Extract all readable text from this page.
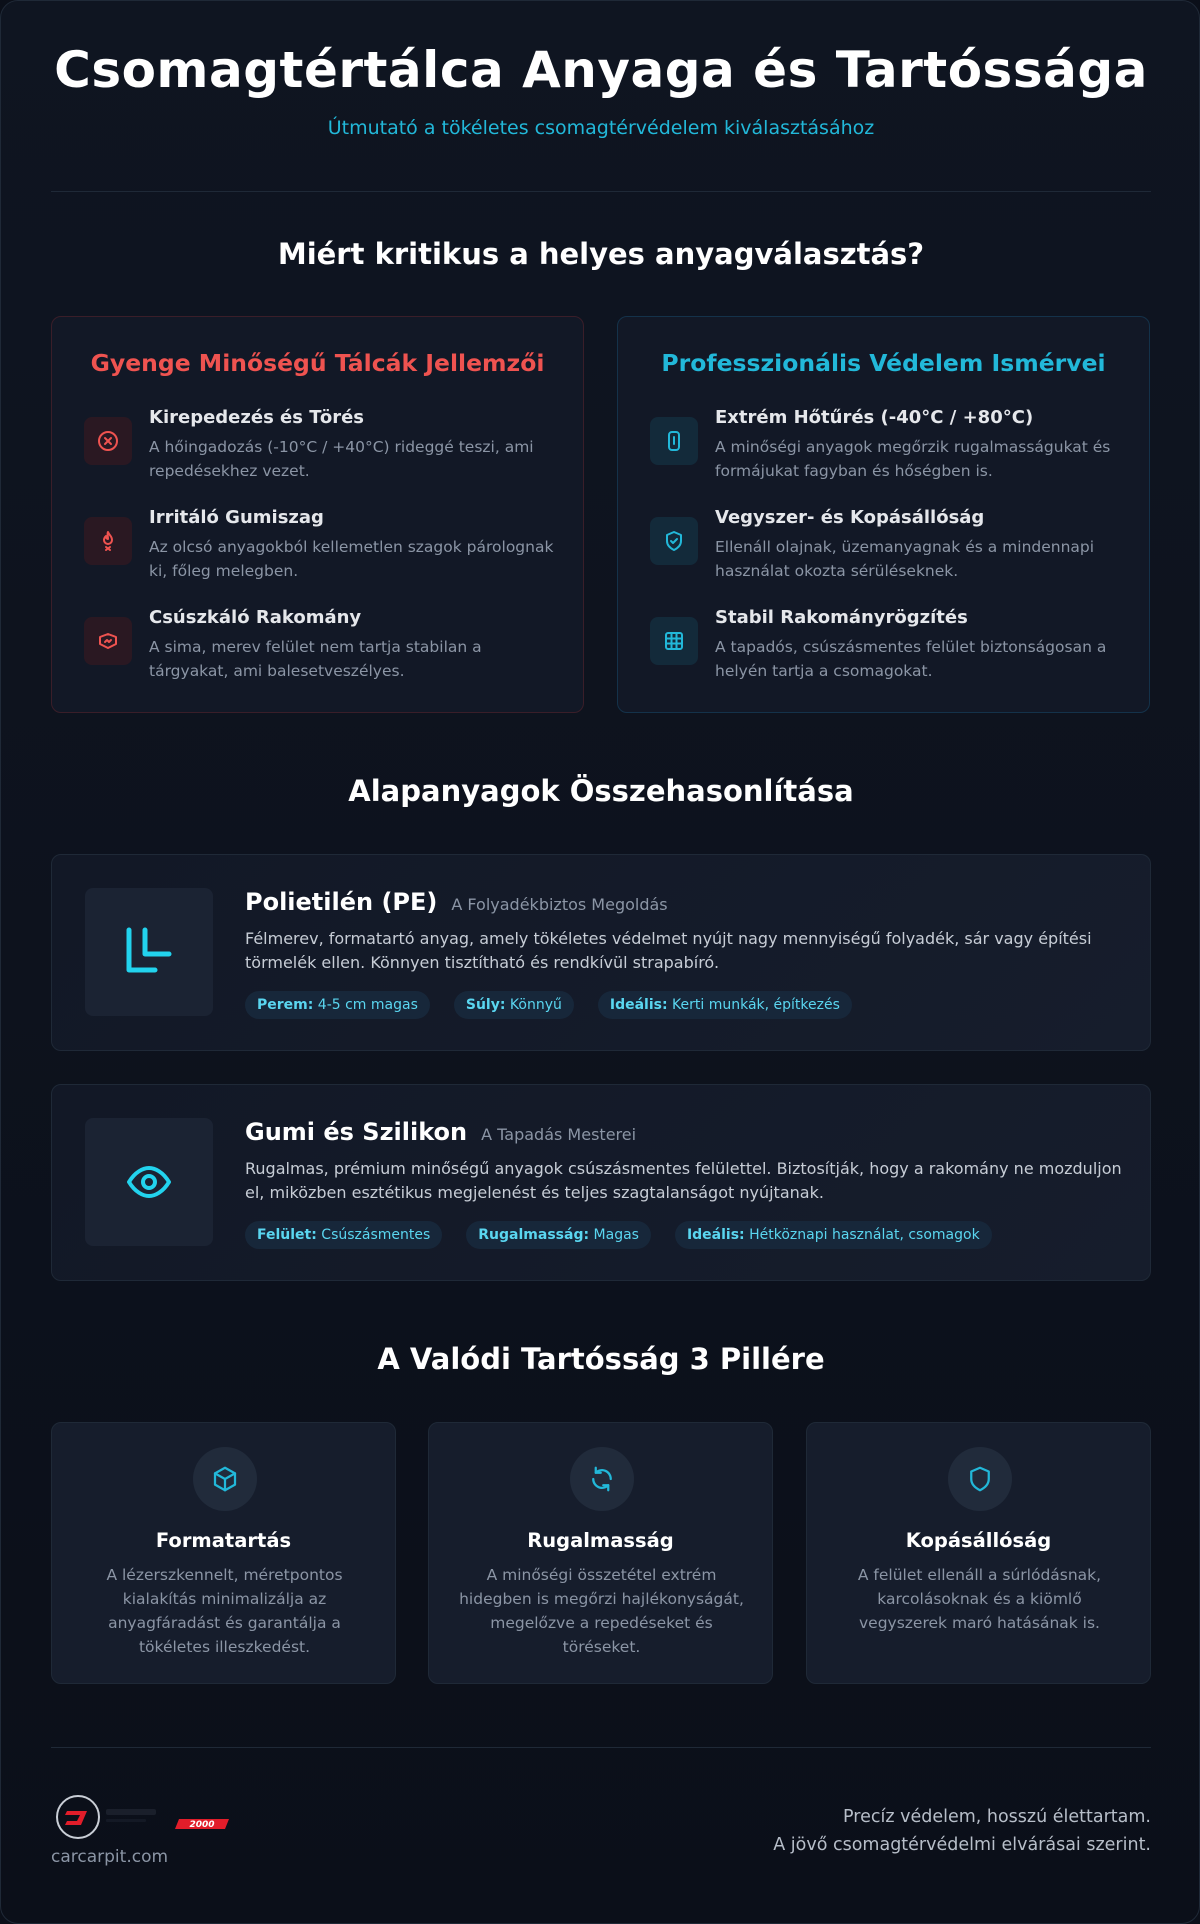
Csomagtértálca Anyaga és Tartóssága
Útmutató a tökéletes csomagtérvédelem kiválasztásához
Miért kritikus a helyes anyagválasztás?
Gyenge Minőségű Tálcák Jellemzői
Kirepedezés és Törés
A hőingadozás (-10°C / +40°C) rideggé teszi, ami repedésekhez vezet.
Irritáló Gumiszag
Az olcsó anyagokból kellemetlen szagok párolognak ki, főleg melegben.
Csúszkáló Rakomány
A sima, merev felület nem tartja stabilan a tárgyakat, ami balesetveszélyes.
Professzionális Védelem Ismérvei
Extrém Hőtűrés (-40°C / +80°C)
A minőségi anyagok megőrzik rugalmasságukat és formájukat fagyban és hőségben is.
Vegyszer- és Kopásállóság
Ellenáll olajnak, üzemanyagnak és a mindennapi használat okozta sérüléseknek.
Stabil Rakományrögzítés
A tapadós, csúszásmentes felület biztonságosan a helyén tartja a csomagokat.
Alapanyagok Összehasonlítása
Polietilén (PE) A Folyadékbiztos Megoldás
Félmerev, formatartó anyag, amely tökéletes védelmet nyújt nagy mennyiségű folyadék, sár vagy építési törmelék ellen. Könnyen tisztítható és rendkívül strapabíró.
Perem: 4-5 cm magas	Súly: Könnyű	Ideális: Kerti munkák, építkezés
Gumi és Szilikon A Tapadás Mesterei
Rugalmas, prémium minőségű anyagok csúszásmentes felülettel. Biztosítják, hogy a rakomány ne mozduljon el, miközben esztétikus megjelenést és teljes szagtalanságot nyújtanak.
Felület: Csúszásmentes	Rugalmasság: Magas	Ideális: Hétköznapi használat, csomagok
A Valódi Tartósság 3 Pillére
Formatartás
A lézerszkennelt, méretpontos kialakítás minimalizálja az anyagfáradást és garantálja a tökéletes illeszkedést.
Rugalmasság
A minőségi összetétel extrém hidegben is megőrzi hajlékonyságát, megelőzve a repedéseket és töréseket.
Kopásállóság
A felület ellenáll a súrlódásnak, karcolásoknak és a kiömlő vegyszerek maró hatásának is.
2000
carcarpit.com
Precíz védelem, hosszú élettartam.
A jövő csomagtérvédelmi elvárásai szerint.
